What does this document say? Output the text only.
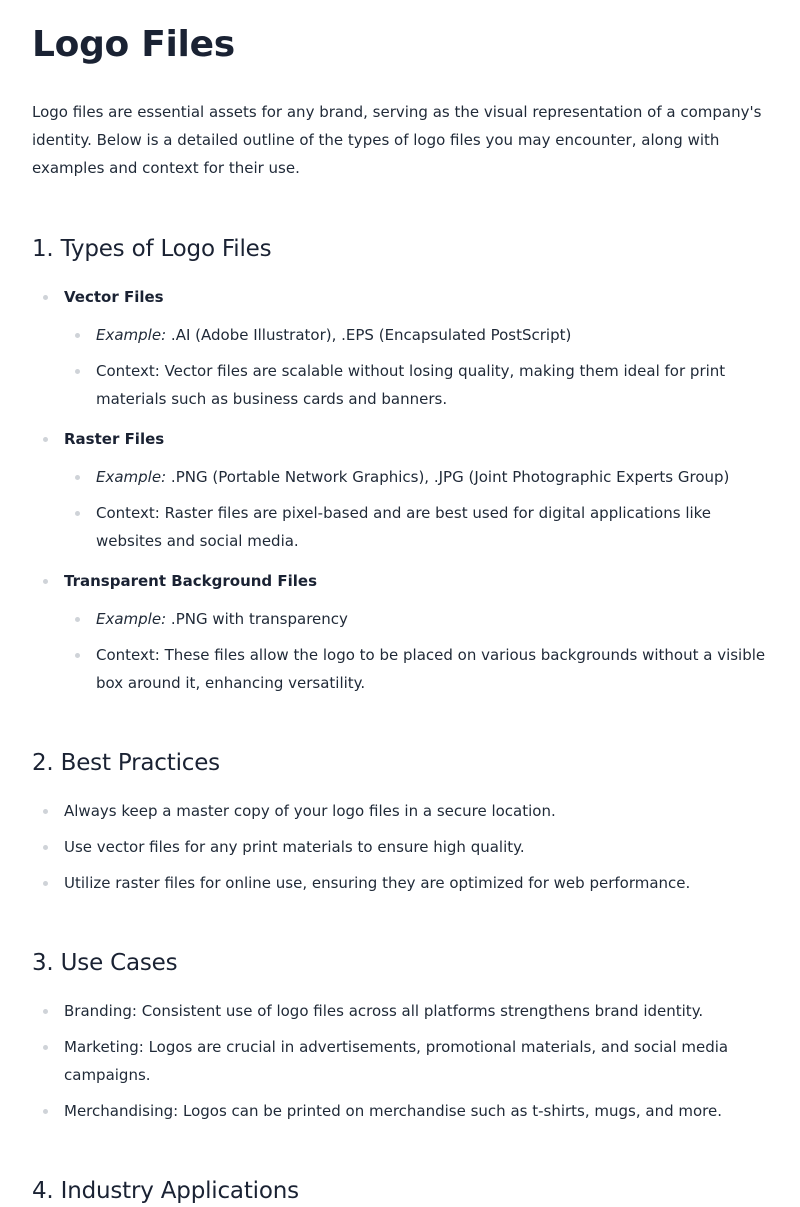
Logo Files

Logo files are essential assets for any brand, serving as the visual representation of a company's identity. Below is a detailed outline of the types of logo files you may encounter, along with examples and context for their use.

1. Types of Logo Files
Vector Files
Example: .AI (Adobe Illustrator), .EPS (Encapsulated PostScript)
Context: Vector files are scalable without losing quality, making them ideal for print materials such as business cards and banners.
Raster Files
Example: .PNG (Portable Network Graphics), .JPG (Joint Photographic Experts Group)
Context: Raster files are pixel-based and are best used for digital applications like websites and social media.
Transparent Background Files
Example: .PNG with transparency
Context: These files allow the logo to be placed on various backgrounds without a visible box around it, enhancing versatility.
2. Best Practices
Always keep a master copy of your logo files in a secure location.
Use vector files for any print materials to ensure high quality.
Utilize raster files for online use, ensuring they are optimized for web performance.
3. Use Cases
Branding: Consistent use of logo files across all platforms strengthens brand identity.
Marketing: Logos are crucial in advertisements, promotional materials, and social media campaigns.
Merchandising: Logos can be printed on merchandise such as t-shirts, mugs, and more.
4. Industry Applications
